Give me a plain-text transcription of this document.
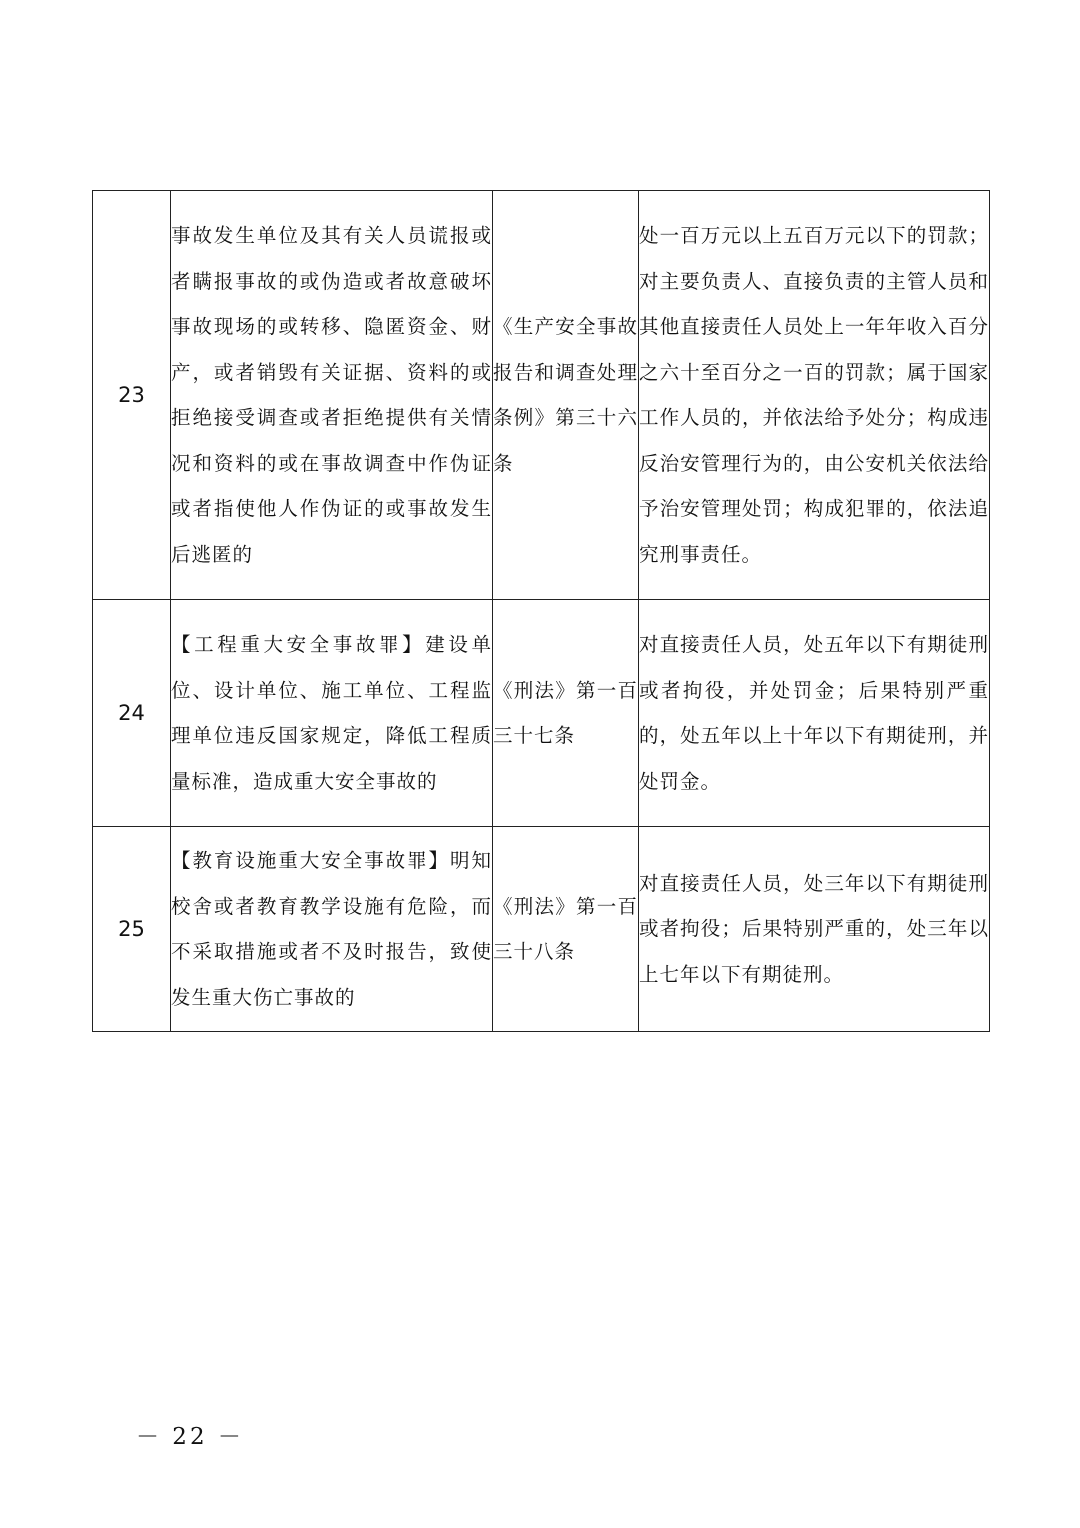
23	事故发生单位及其有关人员谎报或者瞒报事故的或伪造或者故意破坏事故现场的或转移、隐匿资金、财产，或者销毁有关证据、资料的或拒绝接受调查或者拒绝提供有关情况和资料的或在事故调查中作伪证或者指使他人作伪证的或事故发生后逃匿的	《生产安全事故报告和调查处理条例》第三十六条	处一百万元以上五百万元以下的罚款；对主要负责人、直接负责的主管人员和其他直接责任人员处上一年年收入百分之六十至百分之一百的罚款；属于国家工作人员的，并依法给予处分；构成违反治安管理行为的，由公安机关依法给予治安管理处罚；构成犯罪的，依法追究刑事责任。
24	【工程重大安全事故罪】建设单位、设计单位、施工单位、工程监理单位违反国家规定，降低工程质量标准，造成重大安全事故的	《刑法》第一百三十七条	对直接责任人员，处五年以下有期徒刑或者拘役，并处罚金；后果特别严重的，处五年以上十年以下有期徒刑，并处罚金。
25	【教育设施重大安全事故罪】明知校舍或者教育教学设施有危险，而不采取措施或者不及时报告，致使发生重大伤亡事故的	《刑法》第一百三十八条	对直接责任人员，处三年以下有期徒刑或者拘役；后果特别严重的，处三年以上七年以下有期徒刑。
－ 22 －
